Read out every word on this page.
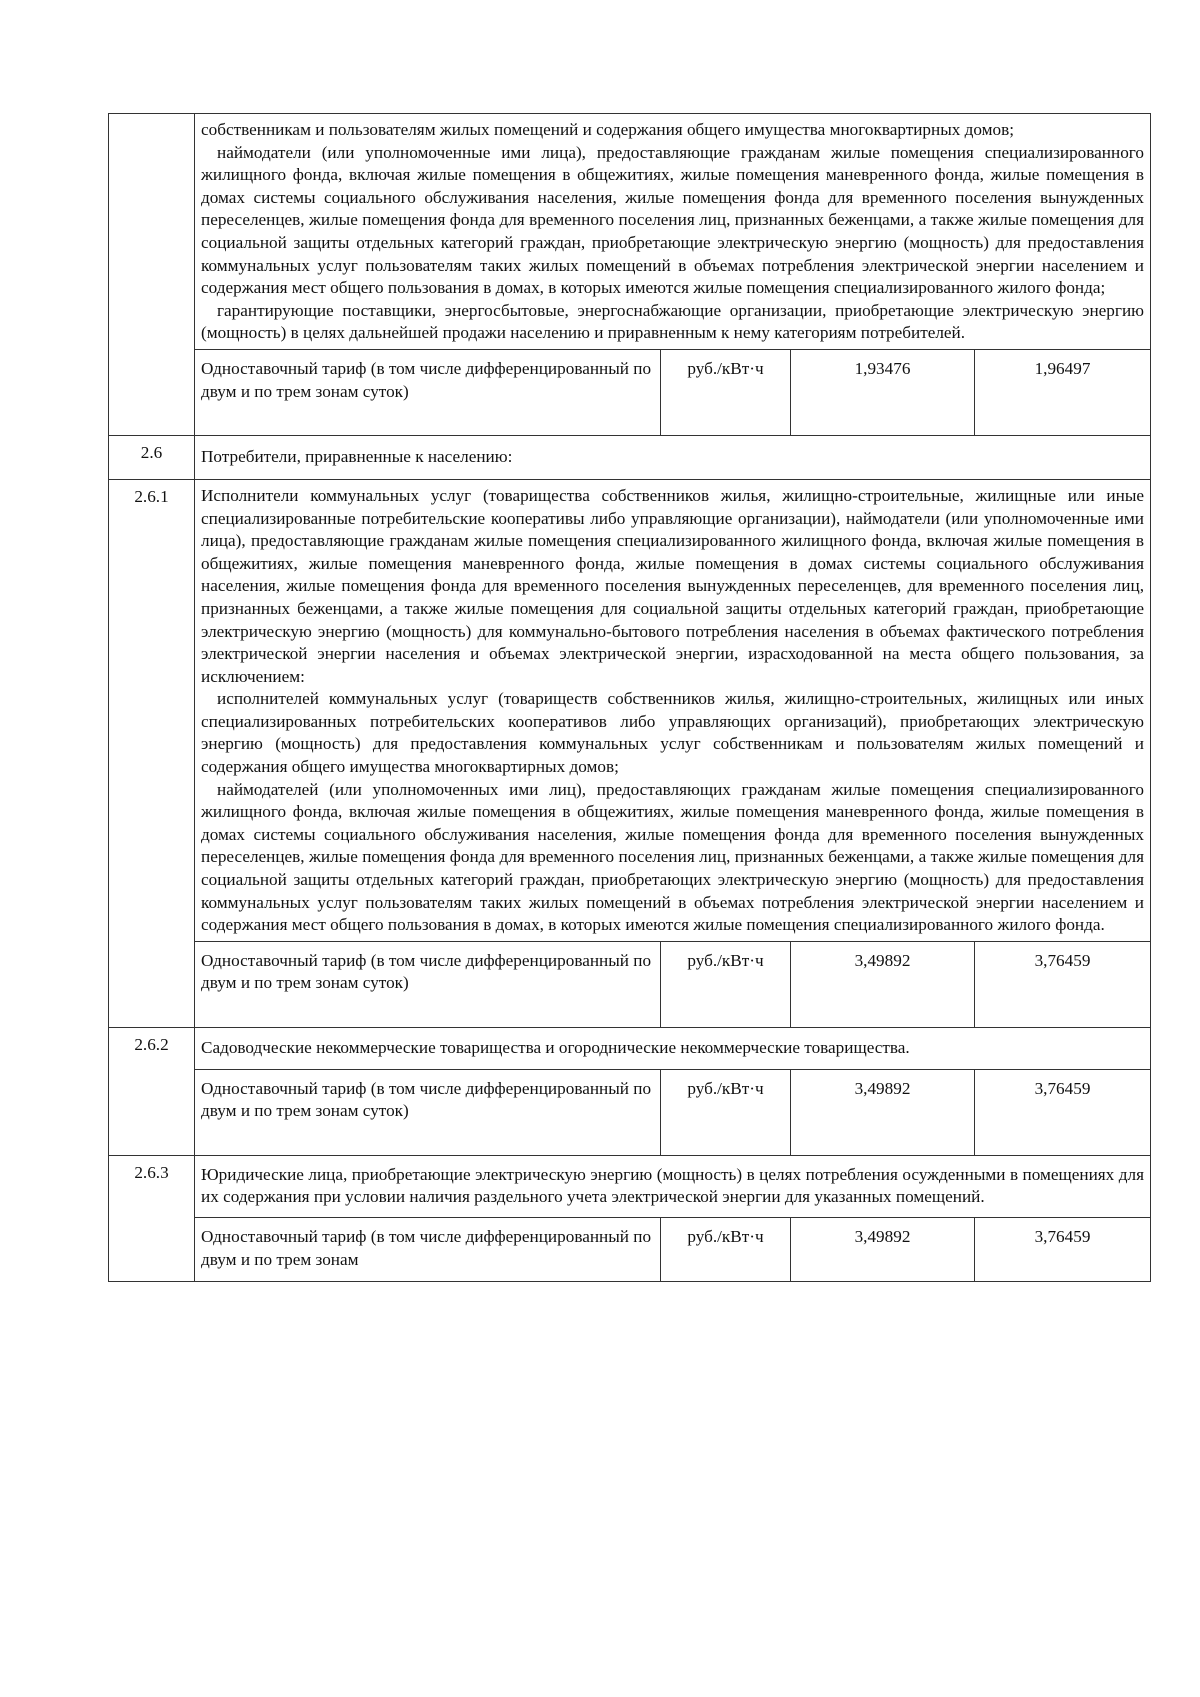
	собственникам и пользователям жилых помещений и содержания общего имущества многоквартирных домов;

наймодатели (или уполномоченные ими лица), предоставляющие гражданам жилые помещения специализированного жилищного фонда, включая жилые помещения в общежитиях, жилые помещения маневренного фонда, жилые помещения в домах системы социального обслуживания населения, жилые помещения фонда для временного поселения вынужденных переселенцев, жилые помещения фонда для временного поселения лиц, признанных беженцами, а также жилые помещения для социальной защиты отдельных категорий граждан, приобретающие электрическую энергию (мощность) для предоставления коммунальных услуг пользователям таких жилых помещений в объемах потребления электрической энергии населением и содержания мест общего пользования в домах, в которых имеются жилые помещения специализированного жилого фонда;

гарантирующие поставщики, энергосбытовые, энергоснабжающие организации, приобретающие электрическую энергию (мощность) в целях дальнейшей продажи населению и приравненным к нему категориям потребителей.			

	Одноставочный тариф (в том числе дифференцированный по двум и по трем зонам суток)	руб./кВт·ч	1,93476	1,96497
2.6	Потребители, приравненные к населению:			
2.6.1	Исполнители коммунальных услуг (товарищества собственников жилья, жилищно-строительные, жилищные или иные специализированные потребительские кооперативы либо управляющие организации), наймодатели (или уполномоченные ими лица), предоставляющие гражданам жилые помещения специализированного жилищного фонда, включая жилые помещения в общежитиях, жилые помещения маневренного фонда, жилые помещения в домах системы социального обслуживания населения, жилые помещения фонда для временного поселения вынужденных переселенцев, для временного поселения лиц, признанных беженцами, а также жилые помещения для социальной защиты отдельных категорий граждан, приобретающие электрическую энергию (мощность) для коммунально-бытового потребления населения в объемах фактического потребления электрической энергии населения и объемах электрической энергии, израсходованной на места общего пользования, за исключением:

исполнителей коммунальных услуг (товариществ собственников жилья, жилищно-строительных, жилищных или иных специализированных потребительских кооперативов либо управляющих организаций), приобретающих электрическую энергию (мощность) для предоставления коммунальных услуг собственникам и пользователям жилых помещений и содержания общего имущества многоквартирных домов;

наймодателей (или уполномоченных ими лиц), предоставляющих гражданам жилые помещения специализированного жилищного фонда, включая жилые помещения в общежитиях, жилые помещения маневренного фонда, жилые помещения в домах системы социального обслуживания населения, жилые помещения фонда для временного поселения вынужденных переселенцев, жилые помещения фонда для временного поселения лиц, признанных беженцами, а также жилые помещения для социальной защиты отдельных категорий граждан, приобретающих электрическую энергию (мощность) для предоставления коммунальных услуг пользователям таких жилых помещений в объемах потребления электрической энергии населением и содержания мест общего пользования в домах, в которых имеются жилые помещения специализированного жилого фонда.			

	Одноставочный тариф (в том числе дифференцированный по двум и по трем зонам суток)	руб./кВт·ч	3,49892	3,76459
2.6.2	Садоводческие некоммерческие товарищества и огороднические некоммерческие товарищества.			
	Одноставочный тариф (в том числе дифференцированный по двум и по трем зонам суток)	руб./кВт·ч	3,49892	3,76459
2.6.3	Юридические лица, приобретающие электрическую энергию (мощность) в целях потребления осужденными в помещениях для их содержания при условии наличия раздельного учета электрической энергии для указанных помещений.			

	Одноставочный тариф (в том числе дифференцированный по двум и по трем зонам	руб./кВт·ч	3,49892	3,76459
